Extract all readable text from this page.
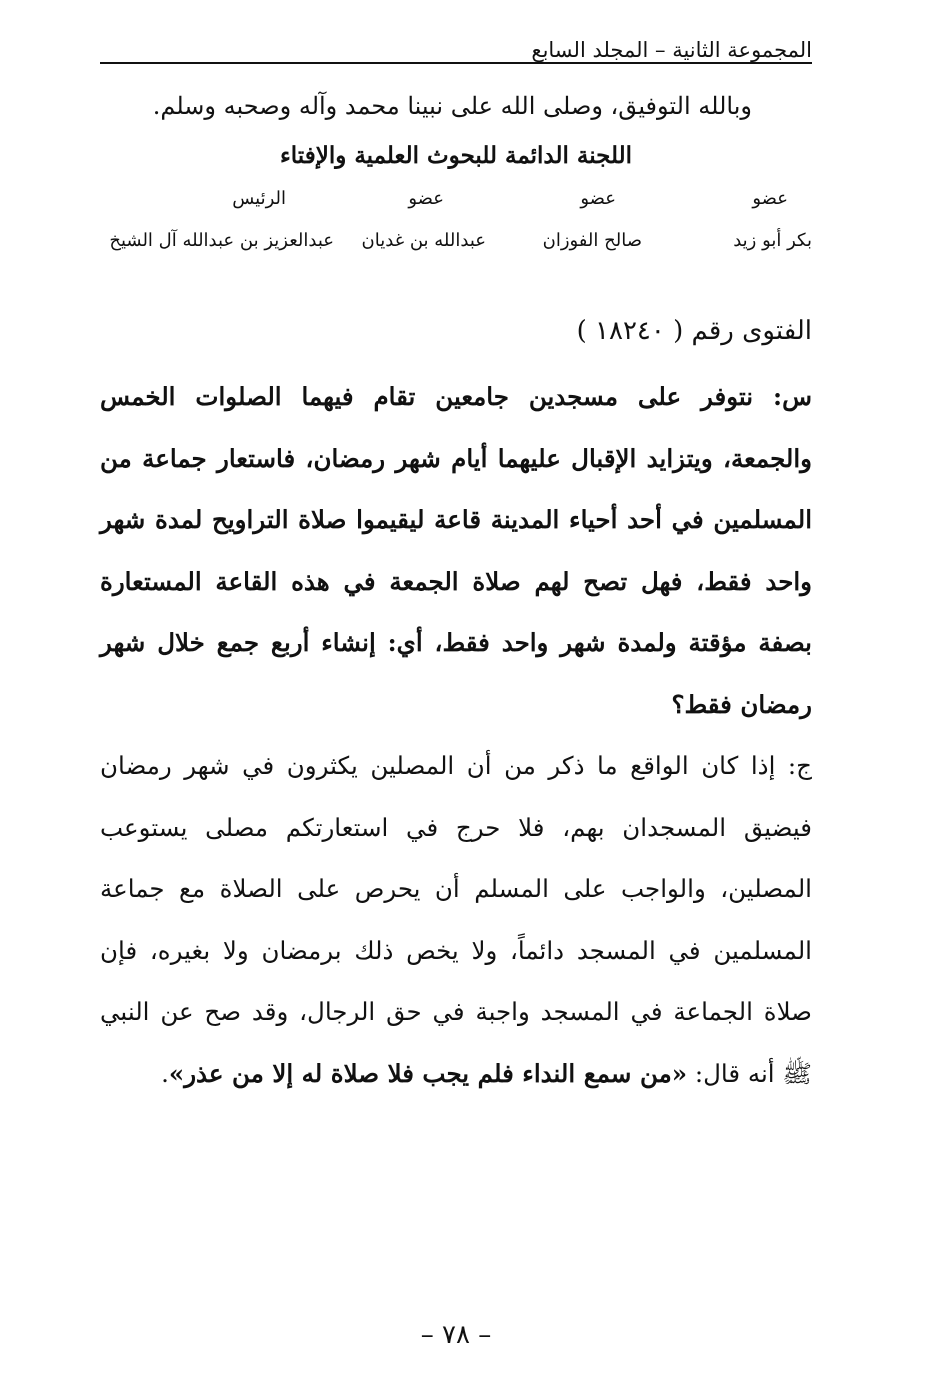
المجموعة الثانية – المجلد السابع
وبالله التوفيق، وصلى الله على نبينا محمد وآله وصحبه وسلم.
اللجنة الدائمة للبحوث العلمية والإفتاء
عضو
عضو
عضو
الرئيس
بكر أبو زيد
صالح الفوزان
عبدالله بن غديان
عبدالعزيز بن عبدالله آل الشيخ
الفتوى رقم ( ١٨٢٤٠ )

س: نتوفر على مسجدين جامعين تقام فيهما الصلوات الخمس والجمعة، ويتزايد الإقبال عليهما أيام شهر رمضان، فاستعار جماعة من المسلمين في أحد أحياء المدينة قاعة ليقيموا صلاة التراويح لمدة شهر واحد فقط، فهل تصح لهم صلاة الجمعة في هذه القاعة المستعارة بصفة مؤقتة ولمدة شهر واحد فقط، أي: إنشاء أربع جمع خلال شهر رمضان فقط؟

ج: إذا كان الواقع ما ذكر من أن المصلين يكثرون في شهر رمضان فيضيق المسجدان بهم، فلا حرج في استعارتكم مصلى يستوعب المصلين، والواجب على المسلم أن يحرص على الصلاة مع جماعة المسلمين في المسجد دائماً، ولا يخص ذلك برمضان ولا بغيره، فإن صلاة الجماعة في المسجد واجبة في حق الرجال، وقد صح عن النبي ﷺ أنه قال: «من سمع النداء فلم يجب فلا صلاة له إلا من عذر».

– ٧٨ –
